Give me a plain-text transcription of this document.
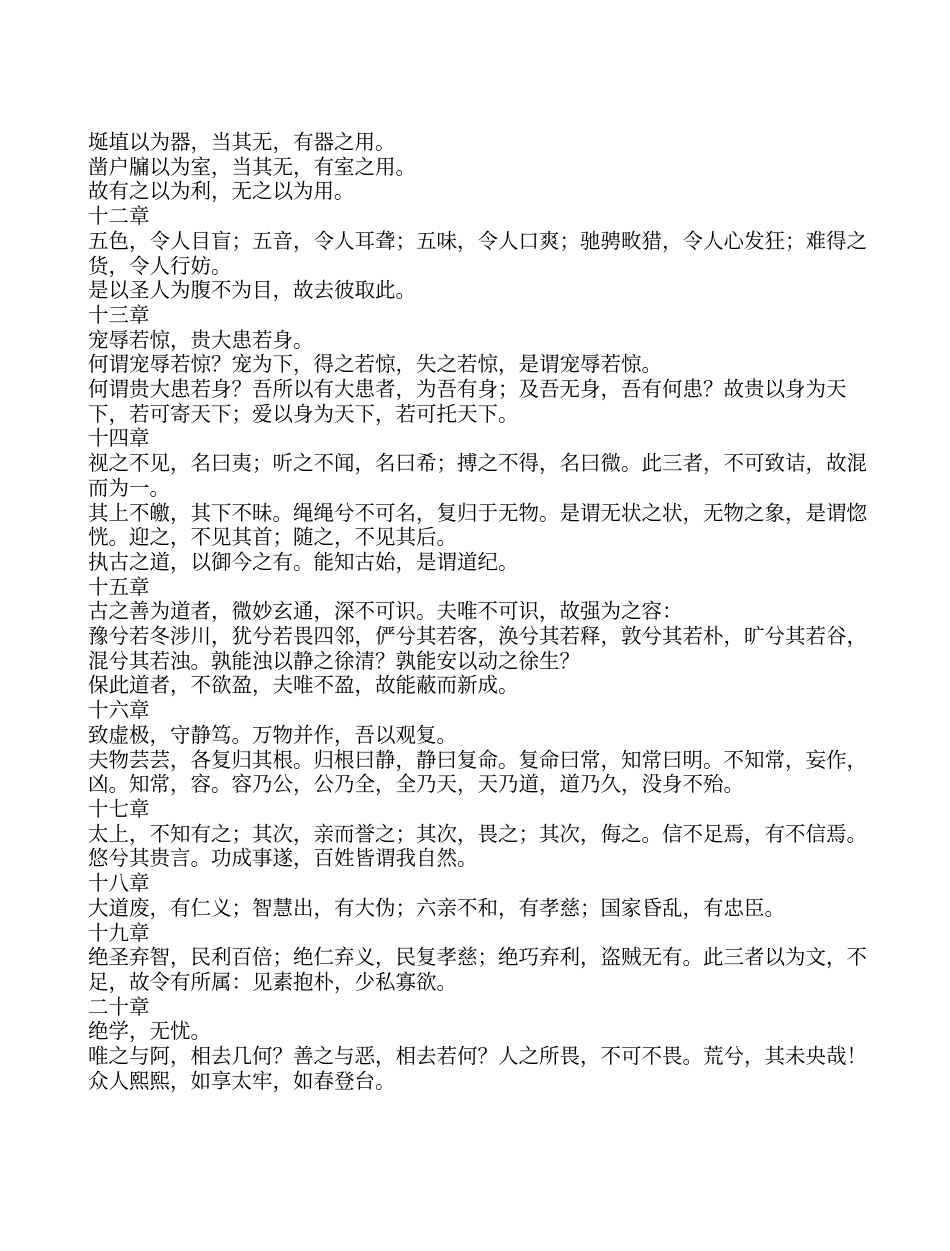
埏埴以为器，当其无，有器之用。

凿户牖以为室，当其无，有室之用。

故有之以为利，无之以为用。

十二章

五色，令人目盲；五音，令人耳聋；五味，令人口爽；驰骋畋猎，令人心发狂；难得之货，令人行妨。

是以圣人为腹不为目，故去彼取此。

十三章

宠辱若惊，贵大患若身。

何谓宠辱若惊？宠为下，得之若惊，失之若惊，是谓宠辱若惊。

何谓贵大患若身？吾所以有大患者，为吾有身；及吾无身，吾有何患？故贵以身为天下，若可寄天下；爱以身为天下，若可托天下。

十四章

视之不见，名曰夷；听之不闻，名曰希；搏之不得，名曰微。此三者，不可致诘，故混而为一。

其上不皦，其下不昧。绳绳兮不可名，复归于无物。是谓无状之状，无物之象，是谓惚恍。迎之，不见其首；随之，不见其后。

执古之道，以御今之有。能知古始，是谓道纪。

十五章

古之善为道者，微妙玄通，深不可识。夫唯不可识，故强为之容：

豫兮若冬涉川，犹兮若畏四邻，俨兮其若客，涣兮其若释，敦兮其若朴，旷兮其若谷，混兮其若浊。孰能浊以静之徐清？孰能安以动之徐生？

保此道者，不欲盈，夫唯不盈，故能蔽而新成。

十六章

致虚极，守静笃。万物并作，吾以观复。

夫物芸芸，各复归其根。归根曰静，静曰复命。复命曰常，知常曰明。不知常，妄作，凶。知常，容。容乃公，公乃全，全乃天，天乃道，道乃久，没身不殆。

十七章

太上，不知有之；其次，亲而誉之；其次，畏之；其次，侮之。信不足焉，有不信焉。悠兮其贵言。功成事遂，百姓皆谓我自然。

十八章

大道废，有仁义；智慧出，有大伪；六亲不和，有孝慈；国家昏乱，有忠臣。

十九章

绝圣弃智，民利百倍；绝仁弃义，民复孝慈；绝巧弃利，盗贼无有。此三者以为文，不足，故令有所属：见素抱朴，少私寡欲。

二十章

绝学，无忧。

唯之与阿，相去几何？善之与恶，相去若何？人之所畏，不可不畏。荒兮，其未央哉！

众人熙熙，如享太牢，如春登台。
